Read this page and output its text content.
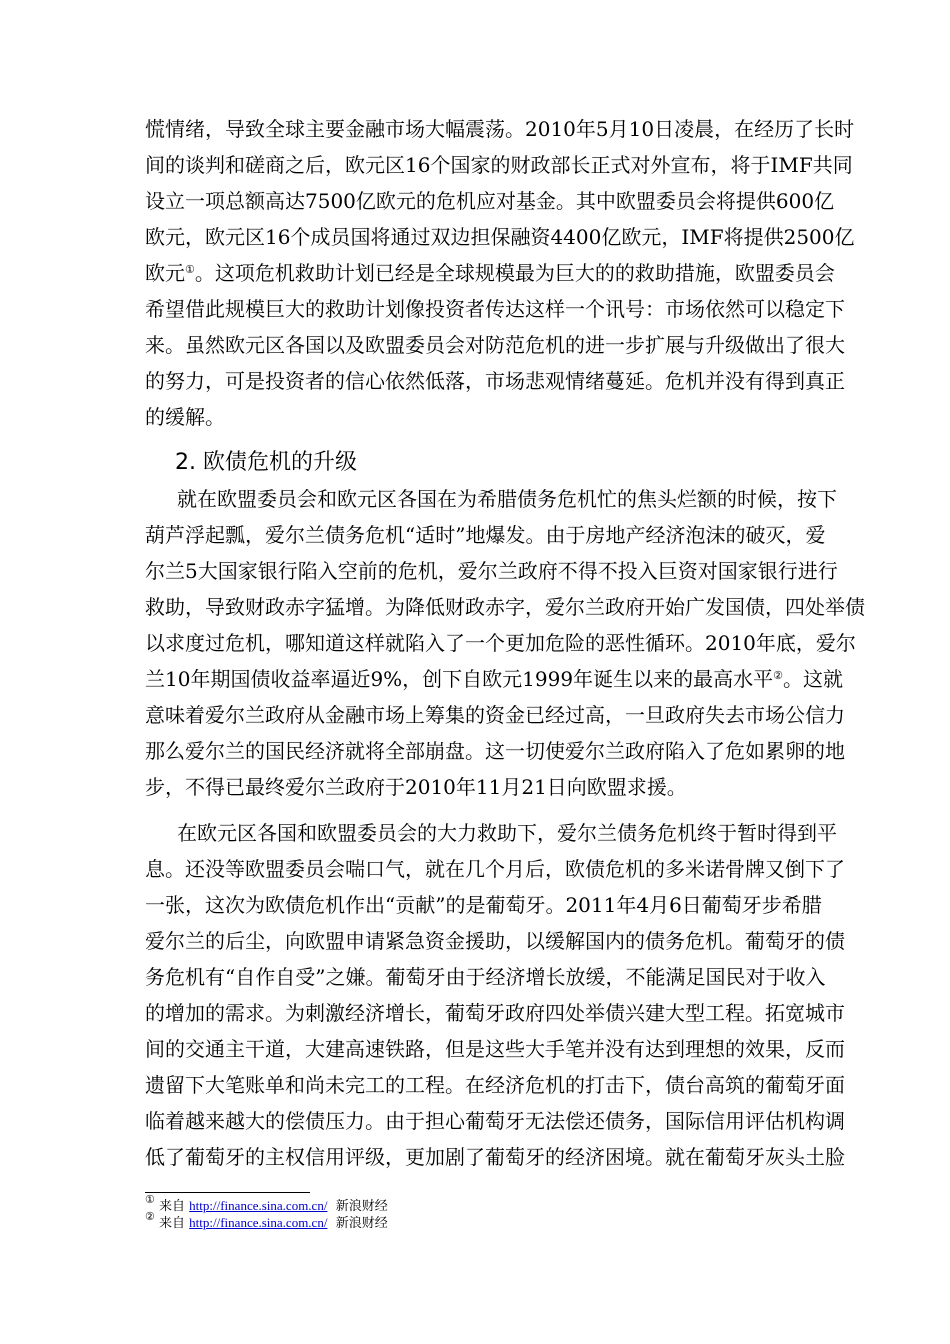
慌情绪，导致全球主要金融市场大幅震荡。2010年5月10日凌晨，在经历了长时
间的谈判和磋商之后，欧元区16个国家的财政部长正式对外宣布，将于IMF共同
设立一项总额高达7500亿欧元的危机应对基金。其中欧盟委员会将提供600亿
欧元，欧元区16个成员国将通过双边担保融资4400亿欧元，IMF将提供2500亿
欧元①。这项危机救助计划已经是全球规模最为巨大的的救助措施，欧盟委员会
希望借此规模巨大的救助计划像投资者传达这样一个讯号：市场依然可以稳定下
来。虽然欧元区各国以及欧盟委员会对防范危机的进一步扩展与升级做出了很大
的努力，可是投资者的信心依然低落，市场悲观情绪蔓延。危机并没有得到真正
的缓解。
2. 欧债危机的升级
就在欧盟委员会和欧元区各国在为希腊债务危机忙的焦头烂额的时候，按下
葫芦浮起瓢，爱尔兰债务危机“适时”地爆发。由于房地产经济泡沫的破灭，爱
尔兰5大国家银行陷入空前的危机，爱尔兰政府不得不投入巨资对国家银行进行
救助，导致财政赤字猛增。为降低财政赤字，爱尔兰政府开始广发国债，四处举债
以求度过危机，哪知道这样就陷入了一个更加危险的恶性循环。2010年底，爱尔
兰10年期国债收益率逼近9%，创下自欧元1999年诞生以来的最高水平②。这就
意味着爱尔兰政府从金融市场上筹集的资金已经过高，一旦政府失去市场公信力
那么爱尔兰的国民经济就将全部崩盘。这一切使爱尔兰政府陷入了危如累卵的地
步，不得已最终爱尔兰政府于2010年11月21日向欧盟求援。
在欧元区各国和欧盟委员会的大力救助下，爱尔兰债务危机终于暂时得到平
息。还没等欧盟委员会喘口气，就在几个月后，欧债危机的多米诺骨牌又倒下了
一张，这次为欧债危机作出“贡献”的是葡萄牙。2011年4月6日葡萄牙步希腊
爱尔兰的后尘，向欧盟申请紧急资金援助，以缓解国内的债务危机。葡萄牙的债
务危机有“自作自受”之嫌。葡萄牙由于经济增长放缓，不能满足国民对于收入
的增加的需求。为刺激经济增长，葡萄牙政府四处举债兴建大型工程。拓宽城市
间的交通主干道，大建高速铁路，但是这些大手笔并没有达到理想的效果，反而
遗留下大笔账单和尚未完工的工程。在经济危机的打击下，债台高筑的葡萄牙面
临着越来越大的偿债压力。由于担心葡萄牙无法偿还债务，国际信用评估机构调
低了葡萄牙的主权信用评级，更加剧了葡萄牙的经济困境。就在葡萄牙灰头土脸
① 来自 http://finance.sina.com.cn/ 新浪财经
② 来自 http://finance.sina.com.cn/ 新浪财经
